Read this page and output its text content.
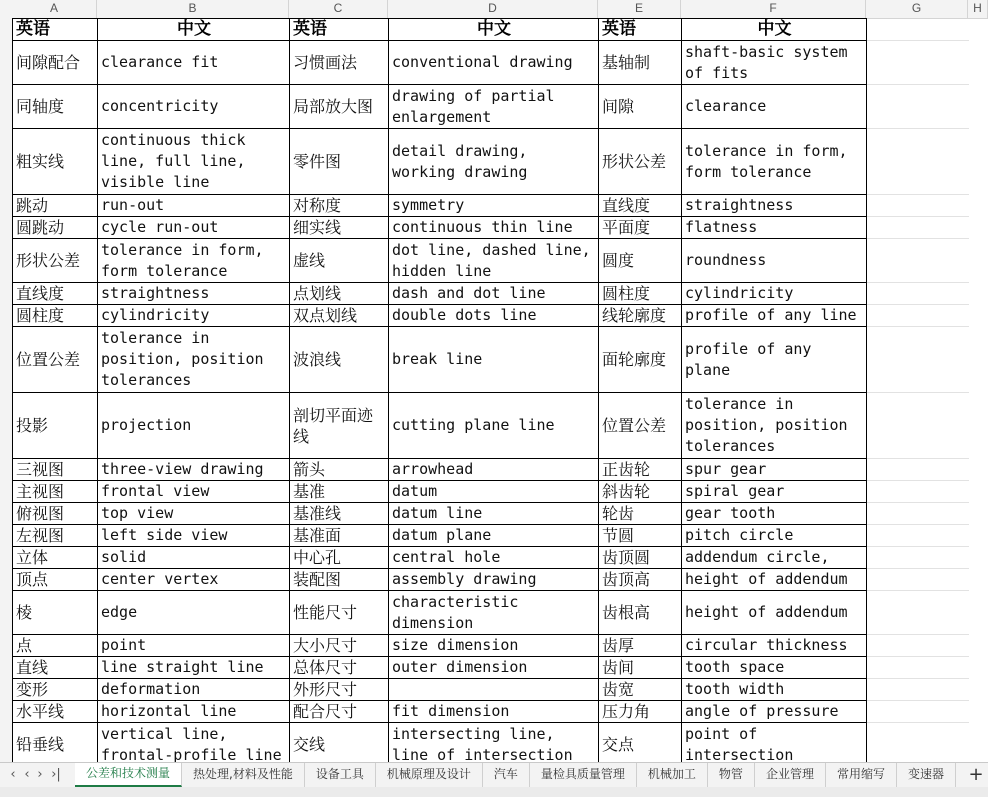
A	B	C	D	E	F	G	H
英语	中文	英语	中文	英语	中文	
间隙配合	clearance fit	习惯画法	conventional drawing	基轴制	shaft-basic system of fits	
同轴度	concentricity	局部放大图	drawing of partial enlargement	间隙	clearance	
粗实线	continuous thick line, full line, visible line	零件图	detail drawing, working drawing	形状公差	tolerance in form, form tolerance	
跳动	run-out	对称度	symmetry	直线度	straightness	
圆跳动	cycle run-out	细实线	continuous thin line	平面度	flatness	
形状公差	tolerance in form, form tolerance	虚线	dot line, dashed line, hidden line	圆度	roundness	
直线度	straightness	点划线	dash and dot line	圆柱度	cylindricity	
圆柱度	cylindricity	双点划线	double dots line	线轮廓度	profile of any line	
位置公差	tolerance in position, position tolerances	波浪线	break line	面轮廓度	profile of any plane	
投影	projection	剖切平面迹线	cutting plane line	位置公差	tolerance in position, position tolerances	
三视图	three-view drawing	箭头	arrowhead	正齿轮	spur gear	
主视图	frontal view	基准	datum	斜齿轮	spiral gear	
俯视图	top view	基准线	datum line	轮齿	gear tooth	
左视图	left side view	基准面	datum plane	节圆	pitch circle	
立体	solid	中心孔	central hole	齿顶圆	addendum circle,	
顶点	center vertex	装配图	assembly drawing	齿顶高	height of addendum	
棱	edge	性能尺寸	characteristic dimension	齿根高	height of addendum	
点	point	大小尺寸	size dimension	齿厚	circular thickness	
直线	line straight line	总体尺寸	outer dimension	齿间	tooth space	
变形	deformation	外形尺寸		齿宽	tooth width	
水平线	horizontal line	配合尺寸	fit dimension	压力角	angle of pressure	
铅垂线	vertical line, frontal-profile line	交线	intersecting line, line of intersection	交点	point of intersection	
‹ ‹ › ›|	公差和技术测量	热处理,材料及性能	设备工具	机械原理及设计	汽车	量检具质量管理	机械加工	物管	企业管理	常用缩写	变速器	+
